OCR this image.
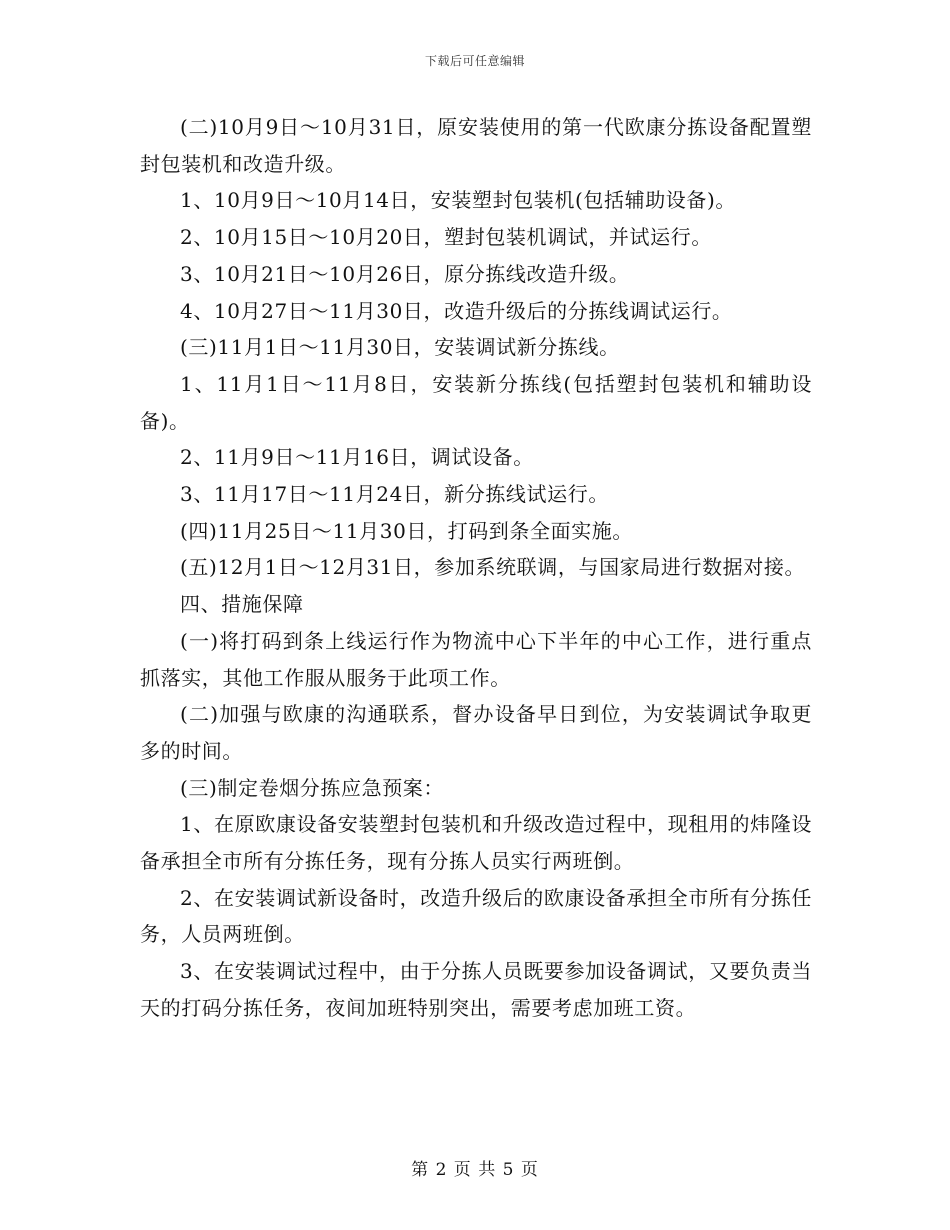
下载后可任意编辑

(二)10月9日～10月31日，原安装使用的第一代欧康分拣设备配置塑封包装机和改造升级。

1、10月9日～10月14日，安装塑封包装机(包括辅助设备)。

2、10月15日～10月20日，塑封包装机调试，并试运行。

3、10月21日～10月26日，原分拣线改造升级。

4、10月27日～11月30日，改造升级后的分拣线调试运行。

(三)11月1日～11月30日，安装调试新分拣线。

1、11月1日～11月8日，安装新分拣线(包括塑封包装机和辅助设备)。

2、11月9日～11月16日，调试设备。

3、11月17日～11月24日，新分拣线试运行。

(四)11月25日～11月30日，打码到条全面实施。

(五)12月1日～12月31日，参加系统联调，与国家局进行数据对接。

四、措施保障

(一)将打码到条上线运行作为物流中心下半年的中心工作，进行重点抓落实，其他工作服从服务于此项工作。

(二)加强与欧康的沟通联系，督办设备早日到位，为安装调试争取更多的时间。

(三)制定卷烟分拣应急预案：

1、在原欧康设备安装塑封包装机和升级改造过程中，现租用的炜隆设备承担全市所有分拣任务，现有分拣人员实行两班倒。

2、在安装调试新设备时，改造升级后的欧康设备承担全市所有分拣任务，人员两班倒。

3、在安装调试过程中，由于分拣人员既要参加设备调试，又要负责当天的打码分拣任务，夜间加班特别突出，需要考虑加班工资。

第 2 页 共 5 页
